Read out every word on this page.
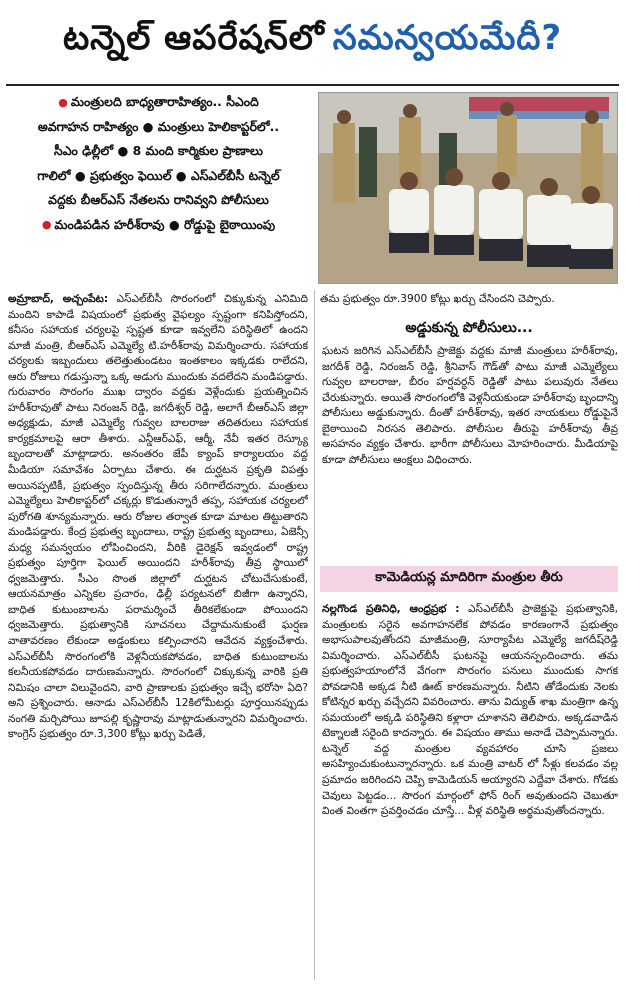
టన్నెల్ ఆపరేషన్‌లో సమన్వయమేదీ?
● మంత్రులది బాధ్యతారాహిత్యం.. సీఎంది
అవగాహన రాహిత్యం ● మంత్రులు హెలికాప్టర్‌లో..
సీఎం ఢిల్లీలో ● 8 మంది కార్మికుల ప్రాణాలు
గాలిలో ● ప్రభుత్వం ఫెయిల్ ● ఎస్ఎల్‌బీసీ టన్నెల్
వద్దకు బీఆర్ఎస్ నేతలను రానివ్వని పోలీసులు
● మండిపడిన హరీశ్‌రావు ● రోడ్డుపై బైఠాయింపు
అమ్రాబాద్, అచ్చంపేట: ఎస్ఎల్‌బీసీ సొరంగంలో చిక్కుకున్న ఎనిమిది మందిని కాపాడే విషయంలో ప్రభుత్వ వైఫల్యం స్పష్టంగా కనిపిస్తోందని, కనీసం సహాయక చర్యలపై స్పష్టత కూడా ఇవ్వలేని పరిస్థితిలో ఉందని మాజీ మంత్రి, బీఆర్ఎస్ ఎమ్మెల్యే టి.హరీశ్‌రావు విమర్శించారు. సహాయక చర్యలకు ఇబ్బందులు తలెత్తుతుండటం ఇంతకాలం ఇక్కడకు రాలేదని, ఆరు రోజులు గడుస్తున్నా ఒక్క అడుగు ముందుకు వదలేదని మండిపడ్డారు. గురువారం సొరంగం ముఖ ద్వారం వద్దకు వెళ్లేందుకు ప్రయత్నించిన హరీశ్‌రావుతో పాటు నిరంజన్ రెడ్డి, జగదీశ్వర్ రెడ్డి, అలాగే బీఆర్ఎస్ జిల్లా అధ్యక్షుడు, మాజీ ఎమ్మెల్యే గువ్వల బాలరాజు తదితరులు సహాయక కార్యక్రమాలపై ఆరా తీశారు. ఎన్డీఆర్ఎఫ్, ఆర్మీ, నేవీ ఇతర రెస్క్యూ బృందాలతో మాట్లాడారు. అనంతరం జేపీ క్యాంప్ కార్యాలయం వద్ద మీడియా సమావేశం ఏర్పాటు చేశారు. ఈ దుర్ఘటన ప్రకృతి విపత్తు అయినప్పటికీ, ప్రభుత్వం స్పందిస్తున్న తీరు సరిగాలేదన్నారు. మంత్రులు ఎమ్మెల్యేలు హెలికాప్టర్‌లో చక్కర్లు కొడుతున్నారే తప్ప, సహాయక చర్యలలో పురోగతి శూన్యమన్నారు. ఆరు రోజుల తర్వాత కూడా మాటల తిట్టుతారని మండిపడ్డారు. కేంద్ర ప్రభుత్వ బృందాలు, రాష్ట్ర ప్రభుత్వ బృందాలు, ఏజెన్సీ మధ్య సమన్వయం లోపించిందని, వీరికి డైరెక్షన్ ఇవ్వడంలో రాష్ట్ర ప్రభుత్వం పూర్తిగా ఫెయిల్ అయిందని హరీశ్‌రావు తీవ్ర స్థాయిలో ధ్వజమెత్తారు. సీఎం సొంత జిల్లాలో దుర్ఘటన చోటుచేసుకుంటే, ఆయనమాత్రం ఎన్నికల ప్రచారం, ఢిల్లీ పర్యటనలో బిజీగా ఉన్నారని, బాధిత కుటుంబాలను పరామర్శించే తీరికలేకుండా పోయిందని ధ్వజమెత్తారు. ప్రభుత్వానికి సూచనలు చేద్దామనుకుంటే ఘర్షణ వాతావరణం లేకుండా అడ్డంకులు కల్పించారని ఆవేదన వ్యక్తంచేశారు. ఎస్ఎల్‌బీసీ సొరంగంలోకి వెళ్లనీయకపోవడం, బాధిత కుటుంబాలను కలనీయకపోవడం దారుణమన్నారు. సొరంగంలో చిక్కుకున్న వారికి ప్రతి నిమిషం చాలా విలువైందని, వారి ప్రాణాలకు ప్రభుత్వం ఇచ్చే భరోసా ఏది? అని ప్రశ్నించారు. ఆనాడు ఎస్ఎల్‌బీసీ 12కిలోమీటర్లు పూర్తయినప్పుడు నంగతి మర్చిపోయి జూపల్లి కృష్ణారావు మాట్లాడుతున్నారని విమర్శించారు. కాంగ్రెస్ ప్రభుత్వం రూ.3,300 కోట్లు ఖర్చు పెడితే,
తమ ప్రభుత్వం రూ.3900 కోట్లు ఖర్చు చేసిందని చెప్పారు.
అడ్డుకున్న పోలీసులు...
ఘటన జరిగిన ఎస్ఎల్‌బీసీ ప్రాజెక్టు వద్దకు మాజీ మంత్రులు హరీశ్‌రావు, జగదీశ్ రెడ్డి, నిరంజన్ రెడ్డి, శ్రీనివాస్ గౌడ్‌తో పాటు మాజీ ఎమ్మెల్యేలు గువ్వల బాలరాజు, బీరం హర్షవర్ధన్ రెడ్డితో పాటు పలువురు నేతలు చేరుకున్నారు. అయితే సొరంగంలోకి వెళ్లనీయకుండా హరీశ్‌రావు బృందాన్ని పోలీసులు అడ్డుకున్నారు. దీంతో హరీశ్‌రావు, ఇతర నాయకులు రోడ్డుపైనే బైఠాయించి నిరసన తెలిపారు. పోలీసుల తీరుపై హరీశ్‌రావు తీవ్ర అసహనం వ్యక్తం చేశారు. భారీగా పోలీసులు మోహరించారు. మీడియాపై కూడా పోలీసులు ఆంక్షలు విధించారు.
కామెడియన్ల మాదిరిగా మంత్రుల తీరు
నల్లగొండ ప్రతినిధి, ఆంధ్రప్రభ : ఎస్ఎల్‌బీసీ ప్రాజెక్టుపై ప్రభుత్వానికి, మంత్రులకు సరైన అవగాహనలేక పోవడం కారణంగానే ప్రభుత్వం అభాసుపాలవుతోందని మాజీమంత్రి, సూర్యాపేట ఎమ్మెల్యే జగదీష్‌రెడ్డి విమర్శించారు. ఎస్ఎల్‌బీసీ ఘటనపై ఆయనస్పందించారు. తమ ప్రభుత్వహయాంలోనే వేగంగా సొరంగం పనులు ముందుకు సాగక పోవడానికి అక్కడ నీటి ఊట్ కారణమన్నారు. నీటిని తోడేందుకు నెలకు కోటిన్నర ఖర్చు వచ్చేదని వివరించారు. తాను విద్యుత్ శాఖ మంత్రిగా ఉన్న సమయంలో అక్కడి పరిస్థితిని కళ్లారా చూశానని తెలిపారు. అక్కడవాడిన టెక్నాలజీ సరైంది కాదన్నారు. ఈ విషయం తాము అనాడే చెప్పామన్నారు. టన్నెల్ వద్ద మంత్రుల వ్యవహారం చూసి ప్రజలు అసహ్యించుకుంటున్నారన్నారు. ఒక మంత్రి వాటర్ లో సీళ్లు కలవడం వల్ల ప్రమాదం జరిగిందని చెప్పి కామెడియన్ అయ్యారని ఎద్దేవా చేశారు. గోడకు చెవులు పెట్టడం... సొరంగ మార్గంలో ఫోన్ రింగ్ అవుతుందని చెబుతూ వింత వింతగా ప్రవర్తించడం చూస్తే... వీళ్ల వరిస్థితి అర్థమవుతోందన్నారు.
